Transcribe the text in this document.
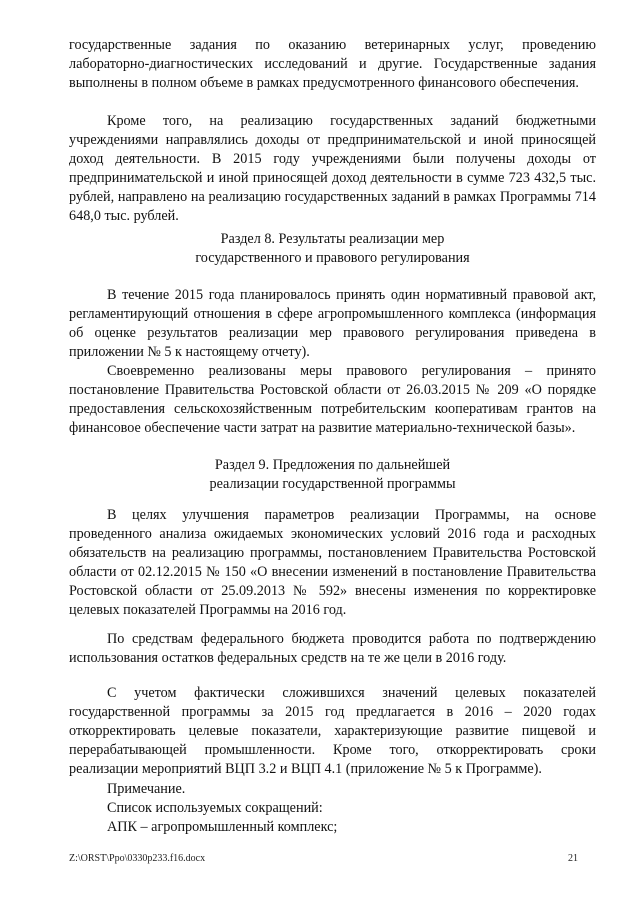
государственные задания по оказанию ветеринарных услуг, проведению

лабораторно-диагностических исследований и другие. Государственные задания выполнены в полном объеме в рамках предусмотренного финансового обеспечения.

Кроме того, на реализацию государственных заданий бюджетными учреждениями направлялись доходы от предпринимательской и иной приносящей доход деятельности. В 2015 году учреждениями были получены доходы от предпринимательской и иной приносящей доход деятельности в сумме 723 432,5 тыс. рублей, направлено на реализацию государственных заданий в рамках Программы 714 648,0 тыс. рублей.

Раздел 8. Результаты реализации мер
государственного и правового регулирования

В течение 2015 года планировалось принять один нормативный правовой акт, регламентирующий отношения в сфере агропромышленного комплекса (информация об оценке результатов реализации мер правового регулирования приведена в приложении № 5 к настоящему отчету).

Своевременно реализованы меры правового регулирования – принято постановление Правительства Ростовской области от 26.03.2015 № 209 «О порядке предоставления сельскохозяйственным потребительским кооперативам грантов на финансовое обеспечение части затрат на развитие материально-технической базы».

Раздел 9. Предложения по дальнейшей
реализации государственной программы

В целях улучшения параметров реализации Программы, на основе проведенного анализа ожидаемых экономических условий 2016 года и расходных обязательств на реализацию программы, постановлением Правительства Ростовской области от 02.12.2015 № 150 «О внесении изменений в постановление Правительства Ростовской области от 25.09.2013 № 592» внесены изменения по корректировке целевых показателей Программы на 2016 год.

По средствам федерального бюджета проводится работа по подтверждению использования остатков федеральных средств на те же цели в 2016 году.

С учетом фактически сложившихся значений целевых показателей государственной программы за 2015 год предлагается в 2016 – 2020 годах откорректировать целевые показатели, характеризующие развитие пищевой и перерабатывающей промышленности. Кроме того, откорректировать сроки реализации мероприятий ВЦП 3.2 и ВЦП 4.1 (приложение № 5 к Программе).

Примечание.
Список используемых сокращений:
АПК – агропромышленный комплекс;
Z:\ORST\Ppo\0330p233.f16.docx	21
